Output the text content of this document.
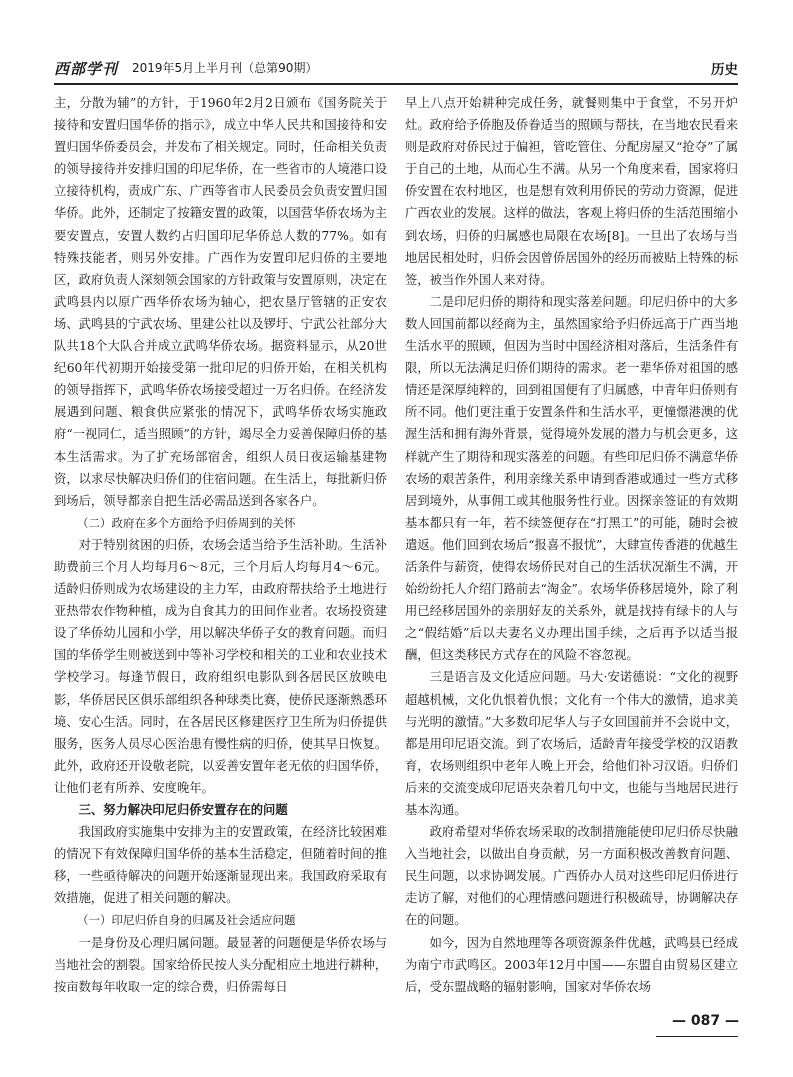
西部学刊 2019年5月上半月刊（总第90期）	历史

主，分散为辅”的方针，于1960年2月2日颁布《国务院关于接待和安置归国华侨的指示》，成立中华人民共和国接待和安置归国华侨委员会，并发布了相关规定。同时，任命相关负责的领导接待并安排归国的印尼华侨，在一些省市的人境港口设立接待机构，责成广东、广西等省市人民委员会负责安置归国华侨。此外，还制定了按籍安置的政策，以国营华侨农场为主要安置点，安置人数约占归国印尼华侨总人数的77%。如有特殊技能者，则另外安排。广西作为安置印尼归侨的主要地区，政府负责人深刻领会国家的方针政策与安置原则，决定在武鸣县内以原广西华侨农场为轴心，把农垦厅管辖的正安农场、武鸣县的宁武农场、里建公社以及锣圩、宁武公社部分大队共18个大队合并成立武鸣华侨农场。据资料显示，从20世纪60年代初期开始接受第一批印尼的归侨开始，在相关机构的领导指挥下，武鸣华侨农场接受超过一万名归侨。在经济发展遇到问题、粮食供应紧张的情况下，武鸣华侨农场实施政府“一视同仁，适当照顾”的方针，竭尽全力妥善保障归侨的基本生活需求。为了扩充场部宿舍，组织人员日夜运输基建物资，以求尽快解决归侨们的住宿问题。在生活上，每批新归侨到场后，领导都亲自把生活必需品送到各家各户。

（二）政府在多个方面给予归侨周到的关怀

对于特别贫困的归侨，农场会适当给予生活补助。生活补助费前三个月人均每月6～8元，三个月后人均每月4～6元。适龄归侨则成为农场建设的主力军，由政府帮扶给予土地进行亚热带农作物种植，成为自食其力的田间作业者。农场投资建设了华侨幼儿园和小学，用以解决华侨子女的教育问题。而归国的华侨学生则被送到中等补习学校和相关的工业和农业技术学校学习。每逢节假日，政府组织电影队到各居民区放映电影，华侨居民区俱乐部组织各种球类比赛，使侨民逐渐熟悉环境、安心生活。同时，在各居民区修建医疗卫生所为归侨提供服务，医务人员尽心医治患有慢性病的归侨，使其早日恢复。此外，政府还开设敬老院，以妥善安置年老无依的归国华侨，让他们老有所养、安度晚年。

三、努力解决印尼归侨安置存在的问题

我国政府实施集中安排为主的安置政策，在经济比较困难的情况下有效保障归国华侨的基本生活稳定，但随着时间的推移，一些亟待解决的问题开始逐渐显现出来。我国政府采取有效措施，促进了相关问题的解决。

（一）印尼归侨自身的归属及社会适应问题

一是身份及心理归属问题。最显著的问题便是华侨农场与当地社会的割裂。国家给侨民按人头分配相应土地进行耕种，按亩数每年收取一定的综合费，归侨需每日

早上八点开始耕种完成任务，就餐则集中于食堂，不另开炉灶。政府给予侨胞及侨眷适当的照顾与帮扶，在当地农民看来则是政府对侨民过于偏袒，管吃管住、分配房屋又“抢夺”了属于自己的土地，从而心生不满。从另一个角度来看，国家将归侨安置在农村地区，也是想有效利用侨民的劳动力资源，促进广西农业的发展。这样的做法，客观上将归侨的生活范围缩小到农场，归侨的归属感也局限在农场[8]。一旦出了农场与当地居民相处时，归侨会因曾侨居国外的经历而被贴上特殊的标签，被当作外国人来对待。

二是印尼归侨的期待和现实落差问题。印尼归侨中的大多数人回国前都以经商为主，虽然国家给予归侨远高于广西当地生活水平的照顾，但因为当时中国经济相对落后，生活条件有限，所以无法满足归侨们期待的需求。老一辈华侨对祖国的感情还是深厚纯粹的，回到祖国便有了归属感，中青年归侨则有所不同。他们更注重于安置条件和生活水平，更憧憬港澳的优渥生活和拥有海外背景，觉得境外发展的潜力与机会更多，这样就产生了期待和现实落差的问题。有些印尼归侨不满意华侨农场的艰苦条件，利用亲缘关系申请到香港或通过一些方式移居到境外，从事佣工或其他服务性行业。因探亲签证的有效期基本都只有一年，若不续签便存在“打黑工”的可能，随时会被遣返。他们回到农场后“报喜不报忧”，大肆宣传香港的优越生活条件与薪资，使得农场侨民对自己的生活状况渐生不满，开始纷纷托人介绍门路前去“淘金”。农场华侨移居境外，除了利用已经移居国外的亲朋好友的关系外，就是找持有绿卡的人与之“假结婚”后以夫妻名义办理出国手续，之后再予以适当报酬，但这类移民方式存在的风险不容忽视。

三是语言及文化适应问题。马大·安诺德说：“文化的视野超越机械，文化仇恨着仇恨；文化有一个伟大的激情，追求美与光明的激情。”大多数印尼华人与子女回国前并不会说中文，都是用印尼语交流。到了农场后，适龄青年接受学校的汉语教育，农场则组织中老年人晚上开会，给他们补习汉语。归侨们后来的交流变成印尼语夹杂着几句中文，也能与当地居民进行基本沟通。

政府希望对华侨农场采取的改制措施能使印尼归侨尽快融入当地社会，以做出自身贡献，另一方面积极改善教育问题、民生问题，以求协调发展。广西侨办人员对这些印尼归侨进行走访了解，对他们的心理情感问题进行积极疏导，协调解决存在的问题。

如今，因为自然地理等各项资源条件优越，武鸣县已经成为南宁市武鸣区。2003年12月中国——东盟自由贸易区建立后，受东盟战略的辐射影响，国家对华侨农场

— 087 —
